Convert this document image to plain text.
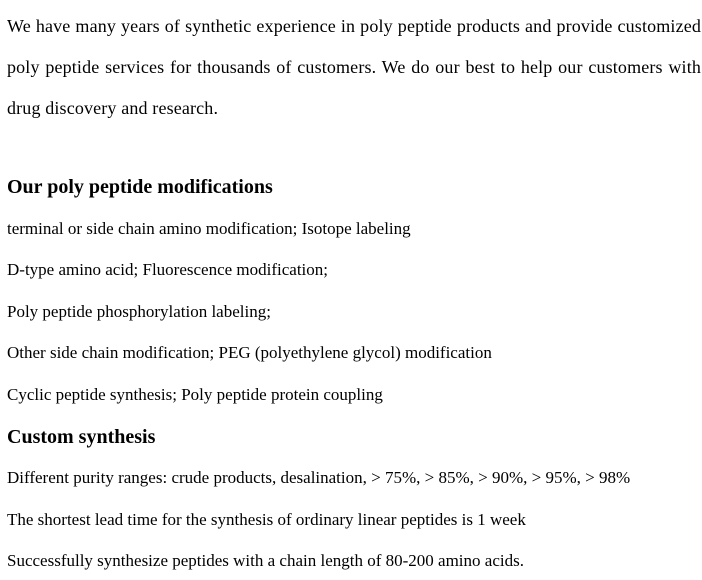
We have many years of synthetic experience in poly peptide products and provide customized poly peptide services for thousands of customers. We do our best to help our customers with drug discovery and research.

Our poly peptide modifications

terminal or side chain amino modification; Isotope labeling

D-type amino acid; Fluorescence modification;

Poly peptide phosphorylation labeling;

Other side chain modification; PEG (polyethylene glycol) modification

Cyclic peptide synthesis; Poly peptide protein coupling

Custom synthesis

Different purity ranges: crude products, desalination, > 75%, > 85%, > 90%, > 95%, > 98%

The shortest lead time for the synthesis of ordinary linear peptides is 1 week

Successfully synthesize peptides with a chain length of 80-200 amino acids.
